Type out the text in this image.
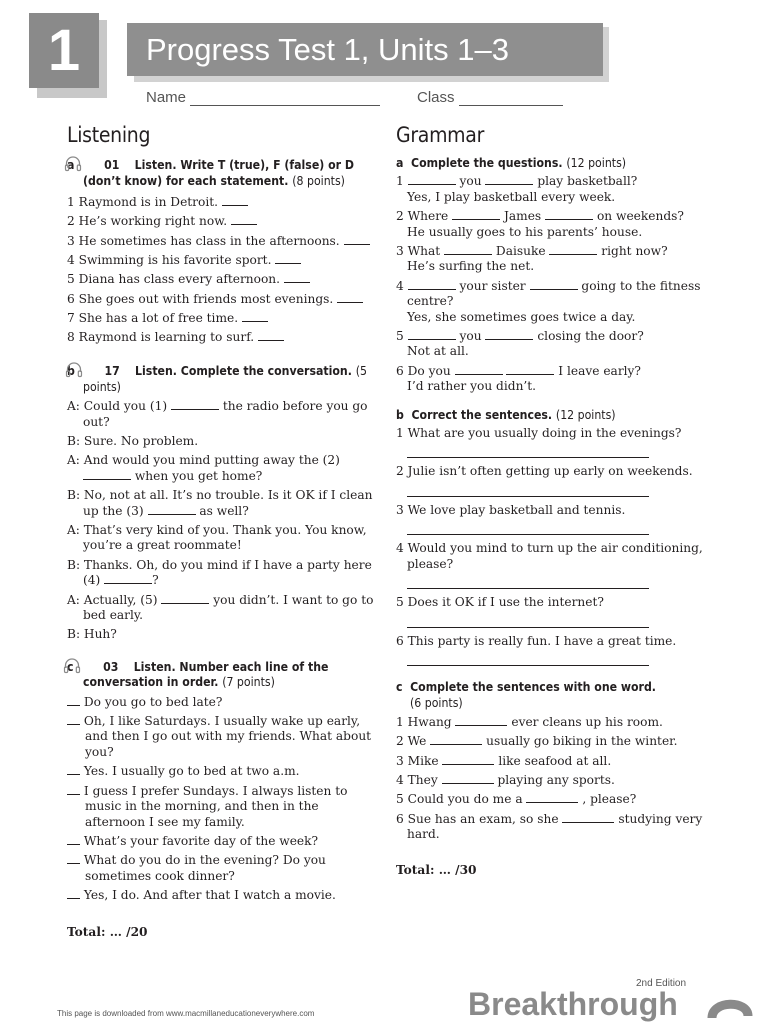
1	Progress Test 1, Units 1–3
Name	Class
Listening

a 01 Listen. Write T (true), F (false) or D (don’t know) for each statement. (8 points)

1 Raymond is in Detroit.

2 He’s working right now.

3 He sometimes has class in the afternoons.

4 Swimming is his favorite sport.

5 Diana has class every afternoon.

6 She goes out with friends most evenings.

7 She has a lot of free time.

8 Raymond is learning to surf.

b 17 Listen. Complete the conversation. (5 points)

A: Could you (1)	the radio before you go out?

B: Sure. No problem.

A: And would you mind putting away the (2)  when you get home?

B: No, not at all. It’s no trouble. Is it OK if I clean up the (3)	as well?

A: That’s very kind of you. Thank you. You know, you’re a great roommate!

B: Thanks. Oh, do you mind if I have a party here (4)	?

A: Actually, (5)	you didn’t. I want to go to bed early.

B: Huh?

c 03 Listen. Number each line of the conversation in order. (7 points)

Do you go to bed late?

Oh, I like Saturdays. I usually wake up early, and then I go out with my friends. What about you?

Yes. I usually go to bed at two a.m.

I guess I prefer Sundays. I always listen to music in the morning, and then in the afternoon I see my family.

What’s your favorite day of the week?

What do you do in the evening? Do you sometimes cook dinner?

Yes, I do. And after that I watch a movie.

Total: … /20

Grammar

a Complete the questions. (12 points)

1	you	play basketball?
Yes, I play basketball every week.

2 Where	James	on weekends?
He usually goes to his parents’ house.

3 What	Daisuke	right now?
He’s surfing the net.

4	your sister	going to the fitness centre?
Yes, she sometimes goes twice a day.

5	you	closing the door?
Not at all.

6 Do you	I leave early?
I’d rather you didn’t.

b Correct the sentences. (12 points)

1 What are you usually doing in the evenings?

2 Julie isn’t often getting up early on weekends.

3 We love play basketball and tennis.

4 Would you mind to turn up the air conditioning, please?

5 Does it OK if I use the internet?

6 This party is really fun. I have a great time.

c Complete the sentences with one word.
(6 points)

1 Hwang	ever cleans up his room.

2 We	usually go biking in the winter.

3 Mike	like seafood at all.

4 They	playing any sports.

5 Could you do me a	, please?

6 Sue has an exam, so she	studying very hard.

Total: … /30

This page is downloaded from www.macmillaneducationeverywhere.com
2nd Edition
Breakthrough
